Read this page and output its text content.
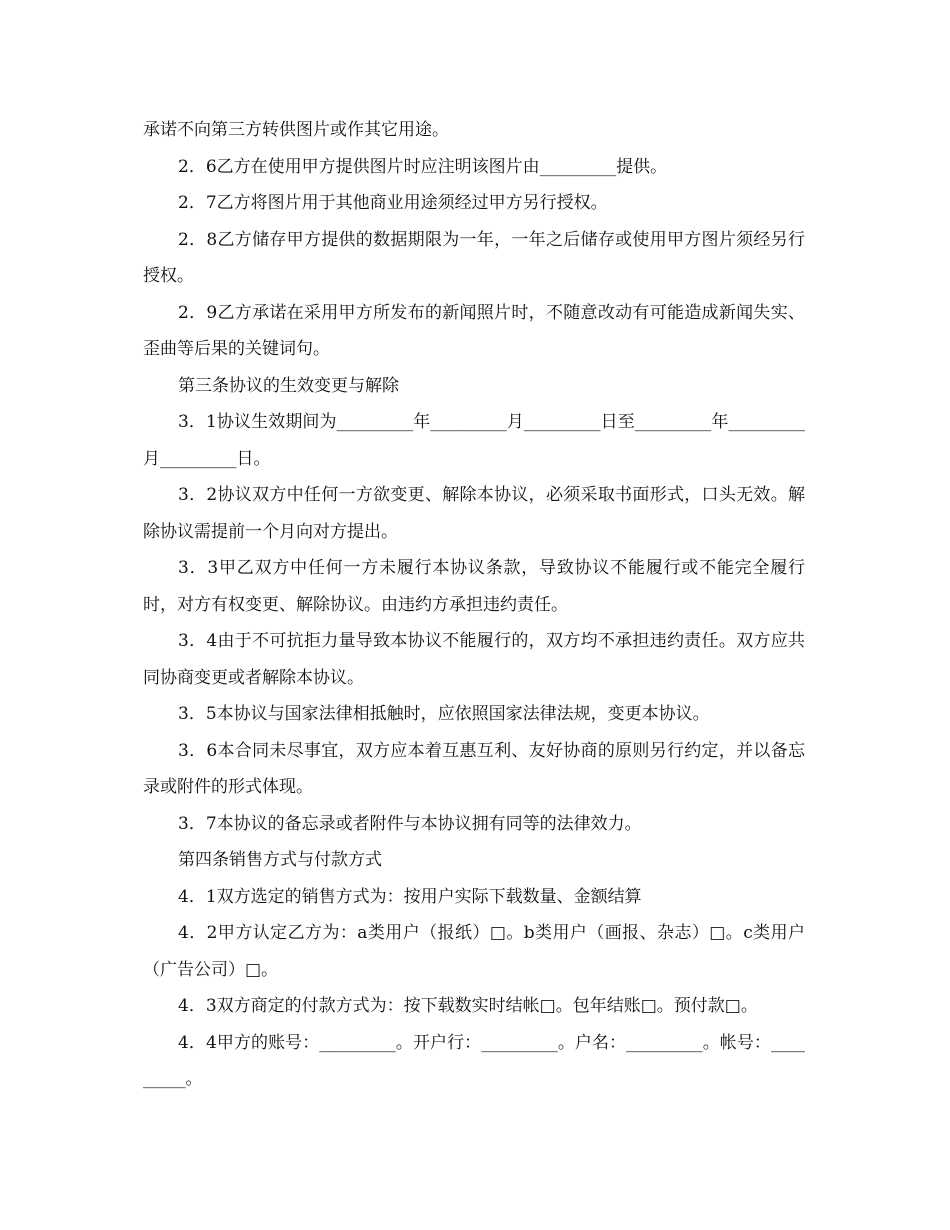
承诺不向第三方转供图片或作其它用途。

2．6乙方在使用甲方提供图片时应注明该图片由_________提供。

2．7乙方将图片用于其他商业用途须经过甲方另行授权。

2．8乙方储存甲方提供的数据期限为一年，一年之后储存或使用甲方图片须经另行授权。

2．9乙方承诺在采用甲方所发布的新闻照片时，不随意改动有可能造成新闻失实、歪曲等后果的关键词句。

第三条协议的生效变更与解除

3．1协议生效期间为_________年_________月_________日至_________年_________月_________日。

3．2协议双方中任何一方欲变更、解除本协议，必须采取书面形式，口头无效。解除协议需提前一个月向对方提出。

3．3甲乙双方中任何一方未履行本协议条款，导致协议不能履行或不能完全履行时，对方有权变更、解除协议。由违约方承担违约责任。

3．4由于不可抗拒力量导致本协议不能履行的，双方均不承担违约责任。双方应共同协商变更或者解除本协议。

3．5本协议与国家法律相抵触时，应依照国家法律法规，变更本协议。

3．6本合同未尽事宜，双方应本着互惠互利、友好协商的原则另行约定，并以备忘录或附件的形式体现。

3．7本协议的备忘录或者附件与本协议拥有同等的法律效力。

第四条销售方式与付款方式

4．1双方选定的销售方式为：按用户实际下载数量、金额结算

4．2甲方认定乙方为：a类用户（报纸）□。b类用户（画报、杂志）□。c类用户（广告公司）□。

4．3双方商定的付款方式为：按下载数实时结帐□。包年结账□。预付款□。

4．4甲方的账号：_________。开户行：_________。户名：_________。帐号：_________。
